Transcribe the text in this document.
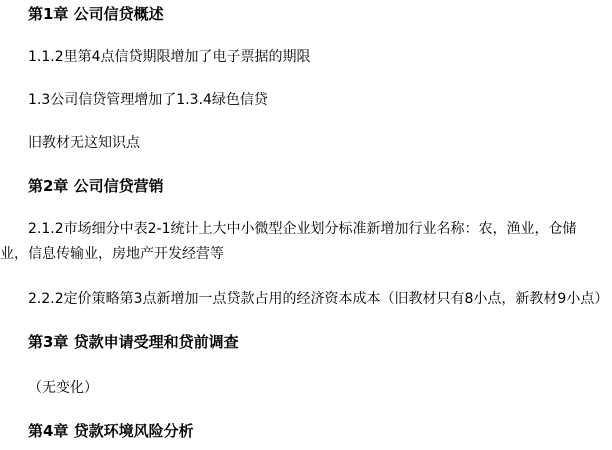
第1章 公司信贷概述
1.1.2里第4点信贷期限增加了电子票据的期限
1.3公司信贷管理增加了1.3.4绿色信贷
旧教材无这知识点
第2章 公司信贷营销
2.1.2市场细分中表2-1统计上大中小微型企业划分标准新增加行业名称：农，渔业，仓储业，信息传输业，房地产开发经营等
2.2.2定价策略第3点新增加一点贷款占用的经济资本成本（旧教材只有8小点，新教材9小点）
第3章 贷款申请受理和贷前调查
（无变化）
第4章 贷款环境风险分析
